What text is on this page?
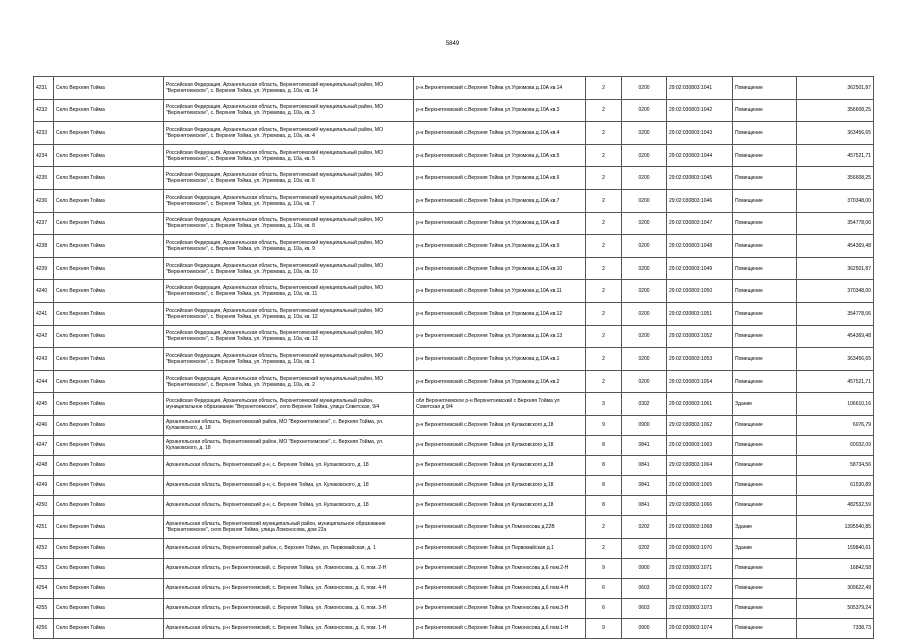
5849
4231	Село Верхняя Тойма	Российская Федерация, Архангельская область, Верхнетоемский муниципальный район, МО "Верхнетоемское", с. Верхняя Тойма, ул. Угрюмова, д. 10а, кв. 14	р-н.Верхнетоемский с.Верхняя Тойма ул.Угрюмова д.10А кв.14	2	0200	29:02:030803:1041	Помещение	362501,87
4232	Село Верхняя Тойма	Российская Федерация, Архангельская область, Верхнетоемский муниципальный район, МО "Верхнетоемское", с. Верхняя Тойма, ул. Угрюмова, д. 10а, кв. 3	р-н Верхнетоемский с.Верхняя Тойма ул Угрюмова д.10А кв.3	2	0200	29:02:030803:1042	Помещение	356608,25
4233	Село Верхняя Тойма	Российская Федерация, Архангельская область, Верхнетоемский муниципальный район, МО "Верхнетоемское", с. Верхняя Тойма, ул. Угрюмова, д. 10а, кв. 4	р-н Верхнетоемский с.Верхняя Тойма ул.Угрюмова д.10А кв.4	2	0200	29:02:030803:1043	Помещение	363456,65
4234	Село Верхняя Тойма	Российская Федерация, Архангельская область, Верхнетоемский муниципальный район, МО "Верхнетоемское", с. Верхняя Тойма, ул. Угрюмова, д. 10а, кв. 5	р-н.Верхнетоемский с.Верхняя Тойма ул Угрюмова д.10А кв.5	2	0200	29:02:030803:1044	Помещение	457521,71
4235	Село Верхняя Тойма	Российская Федерация, Архангельская область, Верхнетоемский муниципальный район, МО "Верхнетоемское", с. Верхняя Тойма, ул. Угрюмова, д. 10а, кв. 6	р-н Верхнетоемский с.Верхняя Тойма ул Угрюмова д.10А кв.6	2	0200	29:02:030803:1045	Помещение	356608,25
4236	Село Верхняя Тойма	Российская Федерация, Архангельская область, Верхнетоемский муниципальный район, МО "Верхнетоемское", с. Верхняя Тойма, ул. Угрюмова, д. 10а, кв. 7	р-н Верхнетоемский с.Верхняя Тойма ул.Угрюмова д.10А кв.7	2	0200	29:02:030803:1046	Помещение	370348,00
4237	Село Верхняя Тойма	Российская Федерация, Архангельская область, Верхнетоемский муниципальный район, МО "Верхнетоемское", с. Верхняя Тойма, ул. Угрюмова, д. 10а, кв. 8	р-н Верхнетоемский с.Верхняя Тойма ул Угрюмова д.10А кв.8	2	0200	29:02:030803:1047	Помещение	354778,06
4238	Село Верхняя Тойма	Российская Федерация, Архангельская область, Верхнетоемский муниципальный район, МО "Верхнетоемское", с. Верхняя Тойма, ул. Угрюмова, д. 10а, кв. 9	р-н.Верхнетоемский с.Верхняя Тойма ул.Угрюмова д.10А кв.9	2	0200	29:02:030803:1048	Помещение	454369,48
4239	Село Верхняя Тойма	Российская Федерация, Архангельская область, Верхнетоемский муниципальный район, МО "Верхнетоемское", с. Верхняя Тойма, ул. Угрюмова, д. 10а, кв. 10	р-н Верхнетоемский с.Верхняя Тойма ул Угрюмова д.10А кв.10	2	0200	29:02:030803:1049	Помещение	362501,87
4240	Село Верхняя Тойма	Российская Федерация, Архангельская область, Верхнетоемский муниципальный район, МО "Верхнетоемское", с. Верхняя Тойма, ул. Угрюмова, д. 10а, кв. 11	р-н Верхнетоемский с.Верхняя Тойма ул Угрюмова д.10А кв.11	2	0200	29:02:030803:1050	Помещение	370348,00
4241	Село Верхняя Тойма	Российская Федерация, Архангельская область, Верхнетоемский муниципальный район, МО "Верхнетоемское", с. Верхняя Тойма, ул. Угрюмова, д. 10а, кв. 12	р-н Верхнетоемский с.Верхняя Тойма ул Угрюмова д.10А кв.12	2	0200	29:02:030803:1051	Помещение	354778,06
4242	Село Верхняя Тойма	Российская Федерация, Архангельская область, Верхнетоемский муниципальный район, МО "Верхнетоемское", с. Верхняя Тойма, ул. Угрюмова, д. 10а, кв. 13	р-н Верхнетоемский с.Верхняя Тойма ул.Угрюмова д.10А кв.13	2	0200	29:02:030803:1052	Помещение	454369,48
4243	Село Верхняя Тойма	Российская Федерация, Архангельская область, Верхнетоемский муниципальный район, МО "Верхнетоемское", с. Верхняя Тойма, ул. Угрюмова, д. 10а, кв. 1	р-н Верхнетоемский с.Верхняя Тойма ул.Угрюмова д.10А кв.1	2	0200	29:02:030803:1053	Помещение	363456,65
4244	Село Верхняя Тойма	Российская Федерация, Архангельская область, Верхнетоемский муниципальный район, МО "Верхнетоемское", с. Верхняя Тойма, ул. Угрюмова, д. 10а, кв. 2	р-н Верхнетоемский с.Верхняя Тойма ул Угрюмова д.10А кв.2	2	0200	29:02:030803:1054	Помещение	457521,71
4245	Село Верхняя Тойма	Российская Федерация, Архангельская область, Верхнетоемский муниципальный район, муниципальное образование "Верхнетоемское", село Верхняя Тойма, улица Советская, 9/4	обл Верхнетоемское р-н Верхнетоемский с Верхняя Тойма ул Советская д 9/4	3	0302	29:02:030803:1061	Здание	106610,16
4246	Село Верхняя Тойма	Архангельская область, Верхнетоемский район, МО "Верхнетоемское", с. Верхняя Тойма, ул. Кулаковского, д. 18	р-н Верхнетоемский с.Верхняя Тойма ул Кулаковского д.18	9	0900	29:02:030803:1062	Помещение	6076,79
4247	Село Верхняя Тойма	Архангельская область, Верхнетоемский район, МО "Верхнетоемское", с. Верхняя Тойма, ул. Кулаковского, д. 18	р-н Верхнетоемский с.Верхняя Тойма ул Кулаковского д.18	8	0841	29:02:030803:1063	Помещение	60032,09
4248	Село Верхняя Тойма	Архангельская область, Верхнетоемский р-н, с. Верхняя Тойма, ул. Кулаковского, д. 18	р-н Верхнетоемский с.Верхняя Тойма ул Кулаковского д.18	8	0841	29:02:030803:1064	Помещение	58734,56
4249	Село Верхняя Тойма	Архангельская область, Верхнетоемский р-н, с. Верхняя Тойма, ул. Кулаковского, д. 18	р-н Верхнетоемский с.Верхняя Тойма ул Кулаковского д.18	8	0841	29:02:030803:1065	Помещение	61530,89
4250	Село Верхняя Тойма	Архангельская область, Верхнетоемский р-н, с. Верхняя Тойма, ул. Кулаковского, д. 18	р-н Верхнетоемский с.Верхняя Тойма ул Кулаковского д.18	8	0841	29:02:030803:1066	Помещение	482532,59
4251	Село Верхняя Тойма	Архангельская область, Верхнетоемский муниципальный район, муниципальное образование "Верхнетоемское", село Верхняя Тойма, улица Ломоносова, дом 22а	р-н Верхнетоемский с.Верхняя Тойма ул Ломоносова д.22В	2	0202	29:02:030803:1068	Здание	1395540,85
4252	Село Верхняя Тойма	Архангельская область, Верхнетоемский район, с. Верхняя Тойма, ул. Первомайская, д. 1	р-н Верхнетоемский с.Верхняя Тойма ул Первомайская д.1	2	0202	29:02:030803:1070	Здание	159840,61
4253	Село Верхняя Тойма	Архангельская область, р-н Верхнетоемский, с. Верхняя Тойма, ул. Ломоносова, д. 6, пом. 2-Н	р-н Верхнетоемский с.Верхняя Тойма ул Ломоносова д.6 пом.2-Н	9	0900	29:02:030803:1071	Помещение	16842,58
4254	Село Верхняя Тойма	Архангельская область, р-н Верхнетоемский, с. Верхняя Тойма, ул. Ломоносова, д. 6, пом. 4-Н	р-н Верхнетоемский с.Верхняя Тойма ул Ломоносова д.6 пом.4-Н	6	0603	29:02:030803:1072	Помещение	309622,49
4255	Село Верхняя Тойма	Архангельская область, р-н Верхнетоемский, с. Верхняя Тойма, ул. Ломоносова, д. 6, пом. 3-Н	р-н Верхнетоемский с.Верхняя Тойма ул Ломоносова д.6 пом.3-Н	6	0603	29:02:030803:1073	Помещение	505379,24
4256	Село Верхняя Тойма	Архангельская область, р-н Верхнетоемский, с. Верхняя Тойма, ул. Ломоносова, д. 6, пом. 1-Н	р-н Верхнетоемский с.Верхняя Тойма ул Ломоносова д.6 пом.1-Н	9	0900	29:02:030803:1074	Помещение	7338,73
